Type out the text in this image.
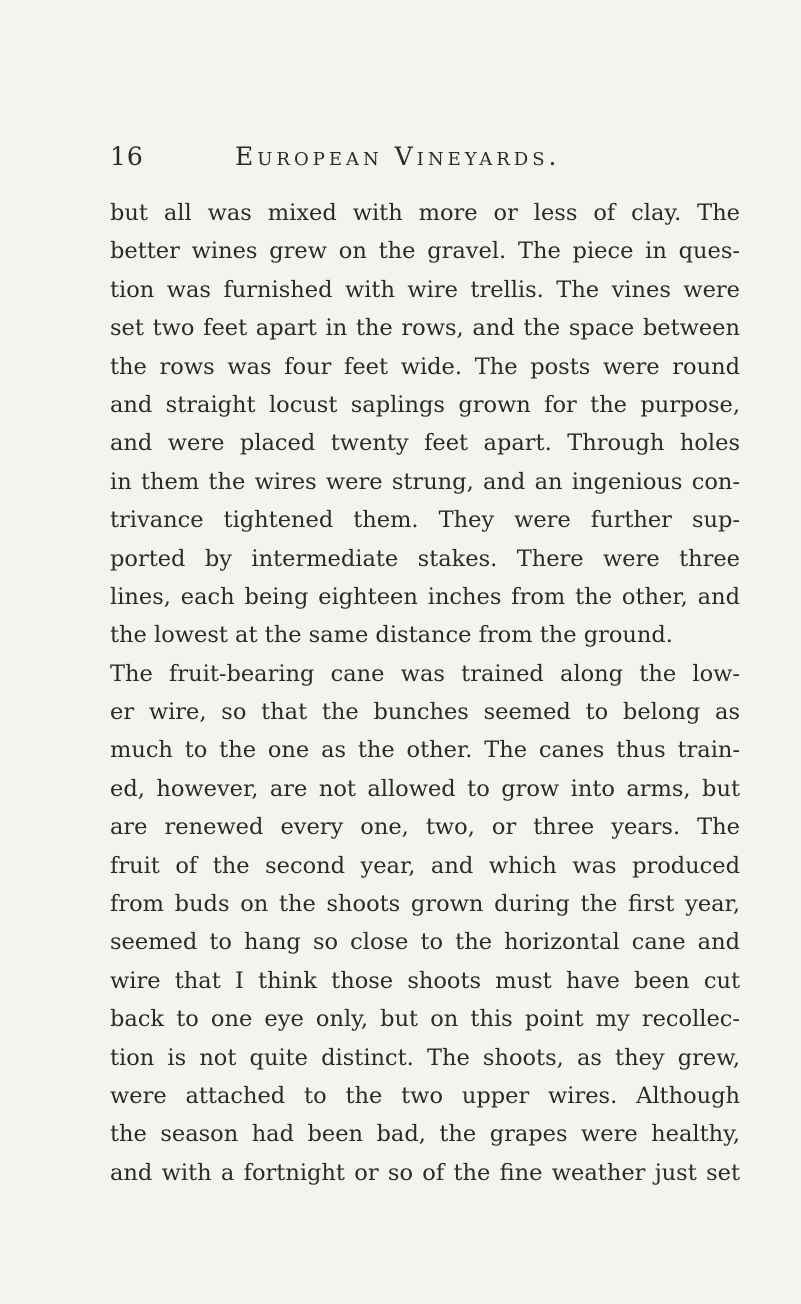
16	European Vineyards.
but all was mixed with more or less of clay. The
better wines grew on the gravel. The piece in ques-
tion was furnished with wire trellis. The vines were
set two feet apart in the rows, and the space between
the rows was four feet wide. The posts were round
and straight locust saplings grown for the purpose,
and were placed twenty feet apart. Through holes
in them the wires were strung, and an ingenious con-
trivance tightened them. They were further sup-
ported by intermediate stakes. There were three
lines, each being eighteen inches from the other, and
the lowest at the same distance from the ground.
The fruit-bearing cane was trained along the low-
er wire, so that the bunches seemed to belong as
much to the one as the other. The canes thus train-
ed, however, are not allowed to grow into arms, but
are renewed every one, two, or three years. The
fruit of the second year, and which was produced
from buds on the shoots grown during the first year,
seemed to hang so close to the horizontal cane and
wire that I think those shoots must have been cut
back to one eye only, but on this point my recollec-
tion is not quite distinct. The shoots, as they grew,
were attached to the two upper wires. Although
the season had been bad, the grapes were healthy,
and with a fortnight or so of the fine weather just set
